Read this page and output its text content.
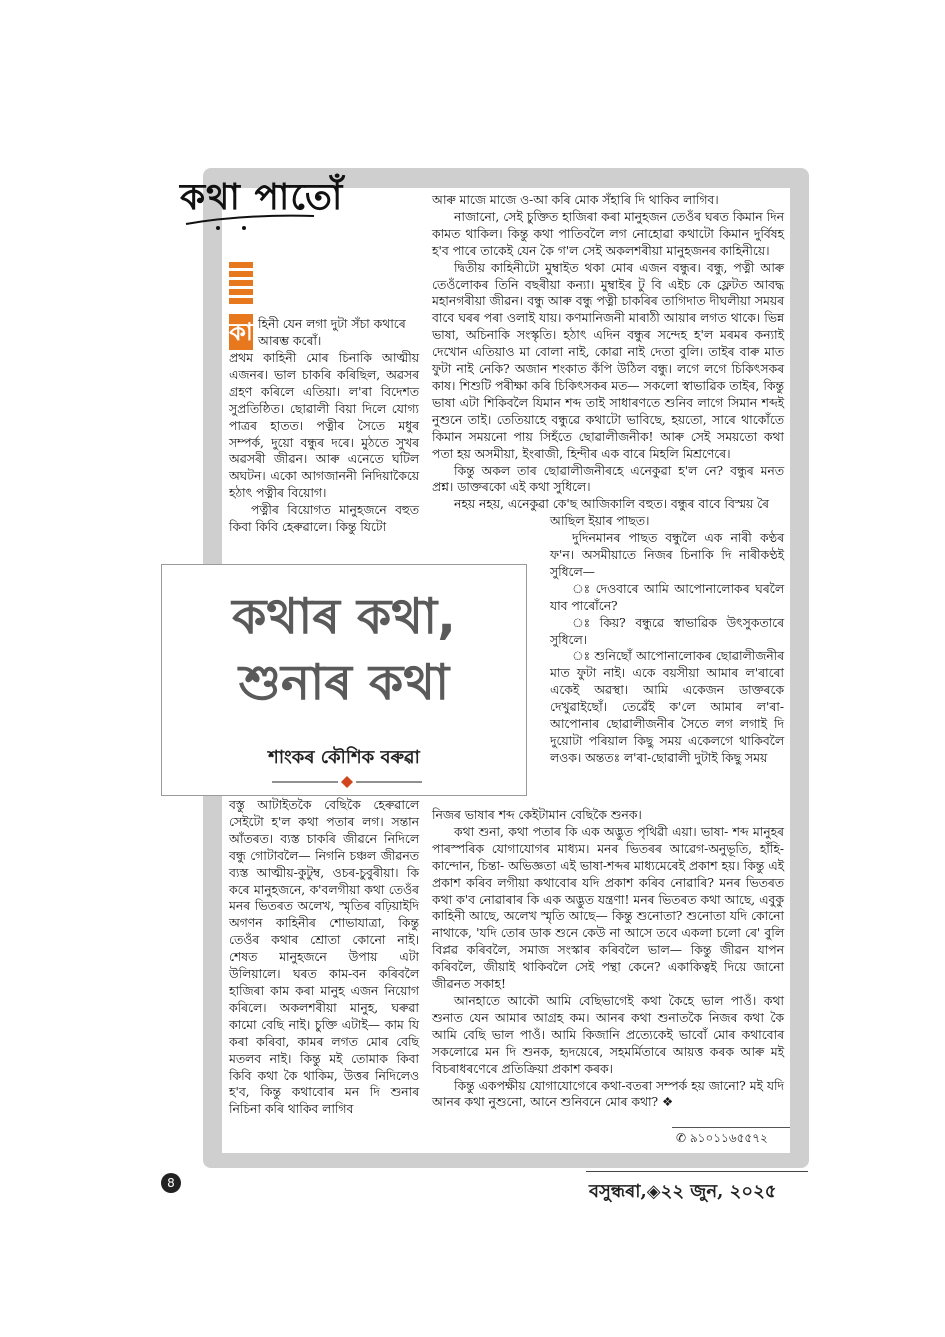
কথা পাতোঁ
কা হিনী যেন লগা দুটা সঁচা কথাৰে আৰম্ভ কৰোঁ।

প্ৰথম কাহিনী মোৰ চিনাকি আত্মীয় এজনৰ। ভাল চাকৰি কৰিছিল, অৱসৰ গ্ৰহণ কৰিলে এতিয়া। ল'ৰা বিদেশত সুপ্ৰতিষ্ঠিত। ছোৱালী বিয়া দিলে যোগ্য পাত্ৰৰ হাতত। পত্নীৰ সৈতে মধুৰ সম্পৰ্ক, দুয়ো বন্ধুৰ দৰে। মুঠতে সুখৰ অৱসৰী জীৱন। আৰু এনেতে ঘটিল অঘটন। একো আগজাননী নিদিয়াকৈয়ে হঠাৎ পত্নীৰ বিয়োগ।

পত্নীৰ বিয়োগত মানুহজনে বহুত কিবা কিবি হেৰুৱালে। কিন্তু যিটো

কথাৰ কথা,
শুনাৰ কথা
শাংকৰ কৌশিক বৰুৱা

বস্তু আটাইতকৈ বেছিকৈ হেৰুৱালে সেইটো হ'ল কথা পতাৰ লগ। সন্তান আঁতৰত। ব্যস্ত চাকৰি জীৱনে নিদিলে বন্ধু গোটাবলৈ— নিগনি চঞ্চল জীৱনত ব্যস্ত আত্মীয়-কুটুম্ব, ওচৰ-চুবুৰীয়া। কি কৰে মানুহজনে, ক'বলগীয়া কথা তেওঁৰ মনৰ ভিতৰত অলেখ, স্মৃতিৰ বঢ়িয়াইদি অগণন কাহিনীৰ শোভাযাত্ৰা, কিন্তু তেওঁৰ কথাৰ শ্ৰোতা কোনো নাই। শেষত মানুহজনে উপায় এটা উলিয়ালে। ঘৰত কাম-বন কৰিবলৈ হাজিৰা কাম কৰা মানুহ এজন নিয়োগ কৰিলে। অকলশৰীয়া মানুহ, ঘৰুৱা কামো বেছি নাই। চুক্তি এটাই— কাম যি কৰা কৰিবা, কামৰ লগত মোৰ বেছি মতলব নাই। কিন্তু মই তোমাক কিবা কিবি কথা কৈ থাকিম, উত্তৰ নিদিলেও হ'ব, কিন্তু কথাবোৰ মন দি শুনাৰ নিচিনা কৰি থাকিব লাগিব

আৰু মাজে মাজে ও-আ কৰি মোক সঁহাৰি দি থাকিব লাগিব।

নাজানো, সেই চুক্তিত হাজিৰা কৰা মানুহজন তেওঁৰ ঘৰত কিমান দিন কামত থাকিল। কিন্তু কথা পাতিবলৈ লগ নোহোৱা কথাটো কিমান দুৰ্বিষহ হ'ব পাৰে তাকেই যেন কৈ গ'ল সেই অকলশৰীয়া মানুহজনৰ কাহিনীয়ে।

দ্বিতীয় কাহিনীটো মুম্বাইত থকা মোৰ এজন বন্ধুৰ। বন্ধু, পত্নী আৰু তেওঁলোকৰ তিনি বছৰীয়া কন্যা। মুম্বাইৰ টু বি এইচ কে ফ্লেটত আবদ্ধ মহানগৰীয়া জীৱন। বন্ধু আৰু বন্ধু পত্নী চাকৰিৰ তাগিদাত দীঘলীয়া সময়ৰ বাবে ঘৰৰ পৰা ওলাই যায়। কণমানিজনী মাৰাঠী আয়াৰ লগত থাকে। ভিন্ন ভাষা, অচিনাকি সংস্কৃতি। হঠাৎ এদিন বন্ধুৰ সন্দেহ হ'ল মৰমৰ কন্যাই দেখোন এতিয়াও মা বোলা নাই, কোৱা নাই দেতা বুলি। তাইৰ বাৰু মাত ফুটা নাই নেকি? অজান শংকাত কঁপি উঠিল বন্ধু। লগে লগে চিকিৎসকৰ কাষ। শিশুটি পৰীক্ষা কৰি চিকিৎসকৰ মত— সকলো স্বাভাৱিক তাইৰ, কিন্তু ভাষা এটা শিকিবলৈ যিমান শব্দ তাই সাধাৰণতে শুনিব লাগে সিমান শব্দই নুশুনে তাই। তেতিয়াহে বন্ধুৱে কথাটো ভাবিছে, হয়তো, সাৰে থাকোঁতে কিমান সময়নো পায় সিহঁতে ছোৱালীজনীক! আৰু সেই সময়তো কথা পতা হয় অসমীয়া, ইংৰাজী, হিন্দীৰ এক বাৰে মিহলি মিশ্ৰণেৰে।

কিন্তু অকল তাৰ ছোৱালীজনীৰহে এনেকুৱা হ'ল নে? বন্ধুৰ মনত প্ৰশ্ন। ডাক্তৰকো এই কথা সুধিলে।

নহয় নহয়, এনেকুৱা কে'ছ আজিকালি বহুত। বন্ধুৰ বাবে বিস্ময় ৰৈ

আছিল ইয়াৰ পাছত।

দুদিনমানৰ পাছত বন্ধুলৈ এক নাৰী কণ্ঠৰ ফ'ন। অসমীয়াতে নিজৰ চিনাকি দি নাৰীকণ্ঠই সুধিলে—

ঃ দেওবাৰে আমি আপোনালোকৰ ঘৰলৈ যাব পাৰোঁনে?

ঃ কিয়? বন্ধুৱে স্বাভাৱিক উৎসুকতাৰে সুধিলে।

ঃ শুনিছোঁ আপোনালোকৰ ছোৱালীজনীৰ মাত ফুটা নাই। একে বয়সীয়া আমাৰ ল'ৰাৰো একেই অৱস্থা। আমি একেজন ডাক্তৰকে দেখুৱাইছোঁ। তেৱেঁই ক'লে আমাৰ ল'ৰা-আপোনাৰ ছোৱালীজনীৰ সৈতে লগ লগাই দি দুয়োটা পৰিয়াল কিছু সময় একেলগে থাকিবলৈ লওক। অন্ততঃ ল'ৰা-ছোৱালী দুটাই কিছু সময়

নিজৰ ভাষাৰ শব্দ কেইটামান বেছিকৈ শুনক।

কথা শুনা, কথা পতাৰ কি এক অদ্ভুত পৃথিৱী এয়া। ভাষা- শব্দ মানুহৰ পাৰস্পৰিক যোগাযোগৰ মাধ্যম। মনৰ ভিতৰৰ আৱেগ-অনুভূতি, হাঁহি-কান্দোন, চিন্তা- অভিজ্ঞতা এই ভাষা-শব্দৰ মাধ্যমেৰেই প্ৰকাশ হয়। কিন্তু এই প্ৰকাশ কৰিব লগীয়া কথাবোৰ যদি প্ৰকাশ কৰিব নোৱাৰি? মনৰ ভিতৰত কথা ক'ব নোৱাৰাৰ কি এক অদ্ভুত যন্ত্ৰণা! মনৰ ভিতৰত কথা আছে, এবুকু কাহিনী আছে, অলেখ স্মৃতি আছে— কিন্তু শুনোতা? শুনোতা যদি কোনো নাথাকে, 'যদি তোৰ ডাক শুনে কেউ না আসে তবে একলা চলো ৰে' বুলি বিপ্লৱ কৰিবলৈ, সমাজ সংস্কাৰ কৰিবলৈ ভাল— কিন্তু জীৱন যাপন কৰিবলৈ, জীয়াই থাকিবলৈ সেই পন্থা কেনে? একাকিত্বই দিয়ে জানো জীৱনত সকাহ!

আনহাতে আকৌ আমি বেছিভাগেই কথা কৈহে ভাল পাওঁ। কথা শুনাত যেন আমাৰ আগ্ৰহ কম। আনৰ কথা শুনাতকৈ নিজৰ কথা কৈ আমি বেছি ভাল পাওঁ। আমি কিজানি প্ৰত্যেকেই ভাবোঁ মোৰ কথাবোৰ সকলোৱে মন দি শুনক, হৃদয়েৰে, সহমৰ্মিতাৰে আয়ত্ত কৰক আৰু মই বিচৰাধৰণেৰে প্ৰতিক্ৰিয়া প্ৰকাশ কৰক।

কিন্তু একপক্ষীয় যোগাযোগেৰে কথা-বতৰা সম্পৰ্ক হয় জানো? মই যদি আনৰ কথা নুশুনো, আনে শুনিবনে মোৰ কথা? ❖

✆ ৯১০১১৬৫৫৭২
8	বসুন্ধৰা,◈২২ জুন, ২০২৫
